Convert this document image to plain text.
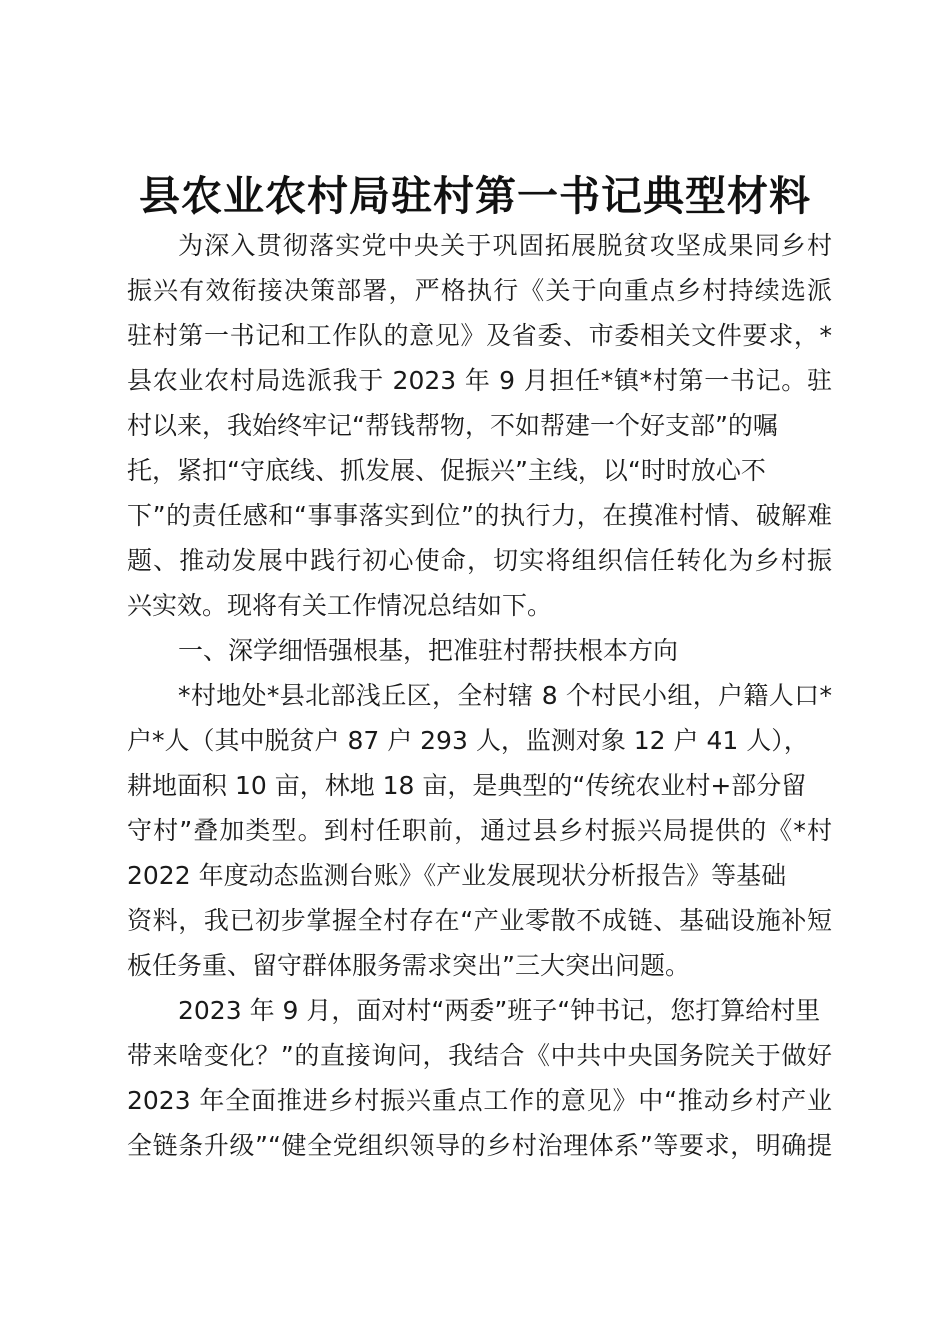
县农业农村局驻村第一书记典型材料
为深入贯彻落实党中央关于巩固拓展脱贫攻坚成果同乡村
振兴有效衔接决策部署，严格执行《关于向重点乡村持续选派
驻村第一书记和工作队的意见》及省委、市委相关文件要求，*
县农业农村局选派我于 2023 年 9 月担任*镇*村第一书记。驻
村以来，我始终牢记“帮钱帮物，不如帮建一个好支部”的嘱
托，紧扣“守底线、抓发展、促振兴”主线，以“时时放心不
下”的责任感和“事事落实到位”的执行力，在摸准村情、破解难
题、推动发展中践行初心使命，切实将组织信任转化为乡村振
兴实效。现将有关工作情况总结如下。
一、深学细悟强根基，把准驻村帮扶根本方向
*村地处*县北部浅丘区，全村辖 8 个村民小组，户籍人口*
户*人（其中脱贫户 87 户 293 人，监测对象 12 户 41 人），
耕地面积 10 亩，林地 18 亩，是典型的“传统农业村+部分留
守村”叠加类型。到村任职前，通过县乡村振兴局提供的《*村
2022 年度动态监测台账》《产业发展现状分析报告》等基础
资料，我已初步掌握全村存在“产业零散不成链、基础设施补短
板任务重、留守群体服务需求突出”三大突出问题。
2023 年 9 月，面对村“两委”班子“钟书记，您打算给村里
带来啥变化？”的直接询问，我结合《中共中央国务院关于做好
2023 年全面推进乡村振兴重点工作的意见》中“推动乡村产业
全链条升级”“健全党组织领导的乡村治理体系”等要求，明确提
